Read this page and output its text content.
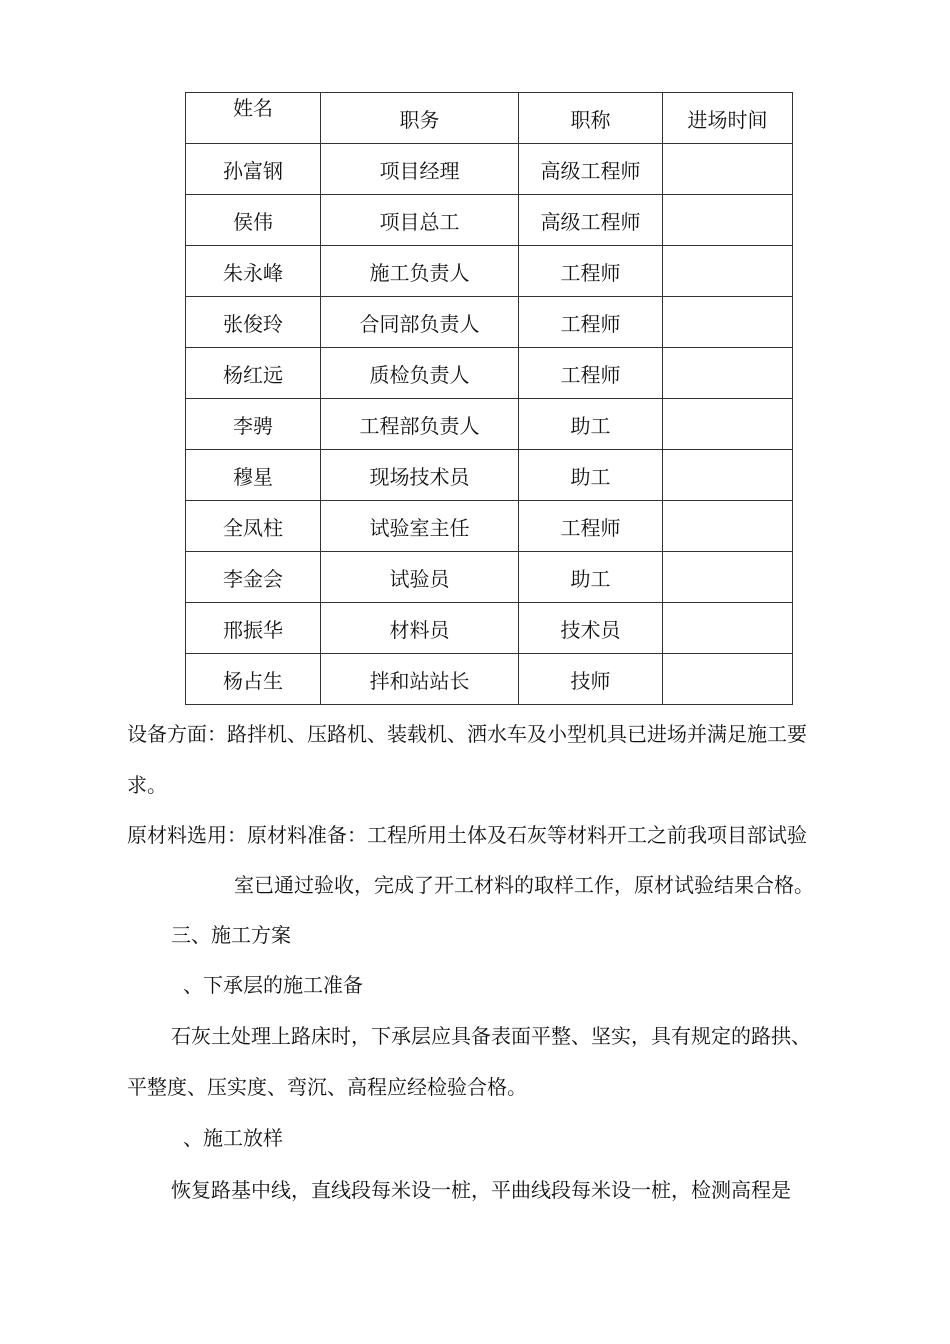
姓名	职务	职称	进场时间
孙富钢	项目经理	高级工程师	
侯伟	项目总工	高级工程师	
朱永峰	施工负责人	工程师	
张俊玲	合同部负责人	工程师	
杨红远	质检负责人	工程师	
李骋	工程部负责人	助工	
穆星	现场技术员	助工	
全凤柱	试验室主任	工程师	
李金会	试验员	助工	
邢振华	材料员	技术员	
杨占生	拌和站站长	技师	
设备方面：路拌机、压路机、装载机、洒水车及小型机具已进场并满足施工要
求。
原材料选用：原材料准备：工程所用土体及石灰等材料开工之前我项目部试验
室已通过验收，完成了开工材料的取样工作，原材试验结果合格。
三、施工方案
、下承层的施工准备
石灰土处理上路床时，下承层应具备表面平整、坚实，具有规定的路拱、
平整度、压实度、弯沉、高程应经检验合格。
、施工放样
恢复路基中线，直线段每米设一桩，平曲线段每米设一桩，检测高程是
